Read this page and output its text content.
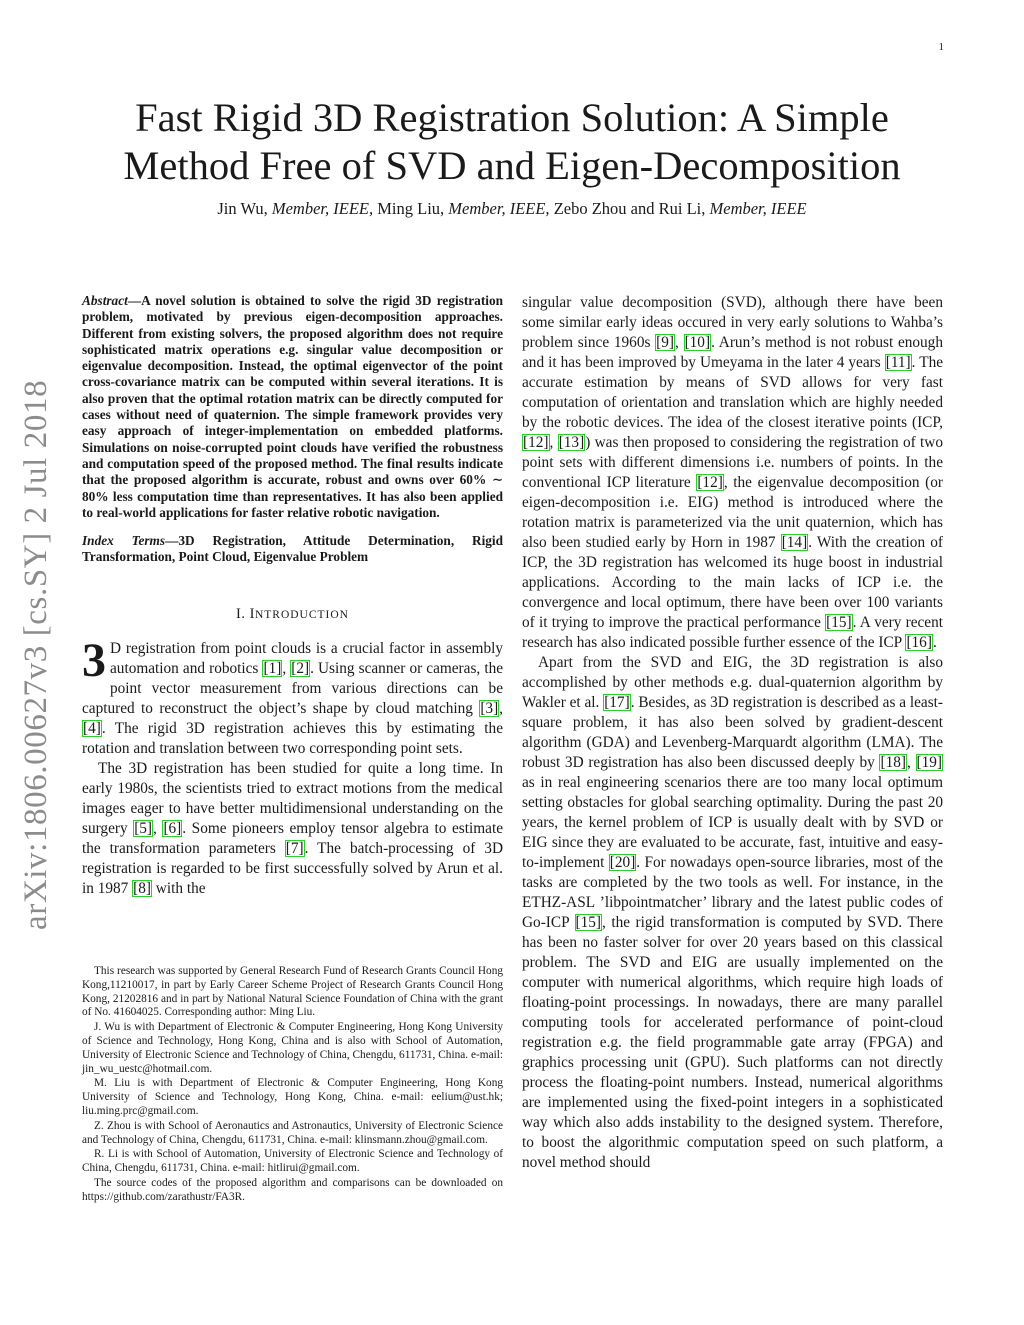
1
Fast Rigid 3D Registration Solution: A Simple
Method Free of SVD and Eigen-Decomposition
Jin Wu, Member, IEEE, Ming Liu, Member, IEEE, Zebo Zhou and Rui Li, Member, IEEE
arXiv:1806.00627v3 [cs.SY] 2 Jul 2018

Abstract—A novel solution is obtained to solve the rigid 3D registration problem, motivated by previous eigen-decomposition approaches. Different from existing solvers, the proposed algorithm does not require sophisticated matrix operations e.g. singular value decomposition or eigenvalue decomposition. Instead, the optimal eigenvector of the point cross-covariance matrix can be computed within several iterations. It is also proven that the optimal rotation matrix can be directly computed for cases without need of quaternion. The simple framework provides very easy approach of integer-implementation on embedded platforms. Simulations on noise-corrupted point clouds have verified the robustness and computation speed of the proposed method. The final results indicate that the proposed algorithm is accurate, robust and owns over 60% ∼ 80% less computation time than representatives. It has also been applied to real-world applications for faster relative robotic navigation.

Index Terms—3D Registration, Attitude Determination, Rigid Transformation, Point Cloud, Eigenvalue Problem

I. INTRODUCTION

3 D registration from point clouds is a crucial factor in assembly automation and robotics [1], [2]. Using scanner or cameras, the point vector measurement from various directions can be captured to reconstruct the object’s shape by cloud matching [3], [4]. The rigid 3D registration achieves this by estimating the rotation and translation between two corresponding point sets.

The 3D registration has been studied for quite a long time. In early 1980s, the scientists tried to extract motions from the medical images eager to have better multidimensional understanding on the surgery [5], [6]. Some pioneers employ tensor algebra to estimate the transformation parameters [7]. The batch-processing of 3D registration is regarded to be first successfully solved by Arun et al. in 1987 [8] with the

This research was supported by General Research Fund of Research Grants Council Hong Kong,11210017, in part by Early Career Scheme Project of Research Grants Council Hong Kong, 21202816 and in part by National Natural Science Foundation of China with the grant of No. 41604025. Corresponding author: Ming Liu.

J. Wu is with Department of Electronic & Computer Engineering, Hong Kong University of Science and Technology, Hong Kong, China and is also with School of Automation, University of Electronic Science and Technology of China, Chengdu, 611731, China. e-mail: jin_wu_uestc@hotmail.com.

M. Liu is with Department of Electronic & Computer Engineering, Hong Kong University of Science and Technology, Hong Kong, China. e-mail: eelium@ust.hk; liu.ming.prc@gmail.com.

Z. Zhou is with School of Aeronautics and Astronautics, University of Electronic Science and Technology of China, Chengdu, 611731, China. e-mail: klinsmann.zhou@gmail.com.

R. Li is with School of Automation, University of Electronic Science and Technology of China, Chengdu, 611731, China. e-mail: hitlirui@gmail.com.

The source codes of the proposed algorithm and comparisons can be downloaded on https://github.com/zarathustr/FA3R.

singular value decomposition (SVD), although there have been some similar early ideas occured in very early solutions to Wahba’s problem since 1960s [9], [10]. Arun’s method is not robust enough and it has been improved by Umeyama in the later 4 years [11]. The accurate estimation by means of SVD allows for very fast computation of orientation and translation which are highly needed by the robotic devices. The idea of the closest iterative points (ICP, [12], [13]) was then proposed to considering the registration of two point sets with different dimensions i.e. numbers of points. In the conventional ICP literature [12], the eigenvalue decomposition (or eigen-decomposition i.e. EIG) method is introduced where the rotation matrix is parameterized via the unit quaternion, which has also been studied early by Horn in 1987 [14]. With the creation of ICP, the 3D registration has welcomed its huge boost in industrial applications. According to the main lacks of ICP i.e. the convergence and local optimum, there have been over 100 variants of it trying to improve the practical performance [15]. A very recent research has also indicated possible further essence of the ICP [16].

Apart from the SVD and EIG, the 3D registration is also accomplished by other methods e.g. dual-quaternion algorithm by Wakler et al. [17]. Besides, as 3D registration is described as a least-square problem, it has also been solved by gradient-descent algorithm (GDA) and Levenberg-Marquardt algorithm (LMA). The robust 3D registration has also been discussed deeply by [18], [19] as in real engineering scenarios there are too many local optimum setting obstacles for global searching optimality. During the past 20 years, the kernel problem of ICP is usually dealt with by SVD or EIG since they are evaluated to be accurate, fast, intuitive and easy-to-implement [20]. For nowadays open-source libraries, most of the tasks are completed by the two tools as well. For instance, in the ETHZ-ASL ’libpointmatcher’ library and the latest public codes of Go-ICP [15], the rigid transformation is computed by SVD. There has been no faster solver for over 20 years based on this classical problem. The SVD and EIG are usually implemented on the computer with numerical algorithms, which require high loads of floating-point processings. In nowadays, there are many parallel computing tools for accelerated performance of point-cloud registration e.g. the field programmable gate array (FPGA) and graphics processing unit (GPU). Such platforms can not directly process the floating-point numbers. Instead, numerical algorithms are implemented using the fixed-point integers in a sophisticated way which also adds instability to the designed system. Therefore, to boost the algorithmic computation speed on such platform, a novel method should
